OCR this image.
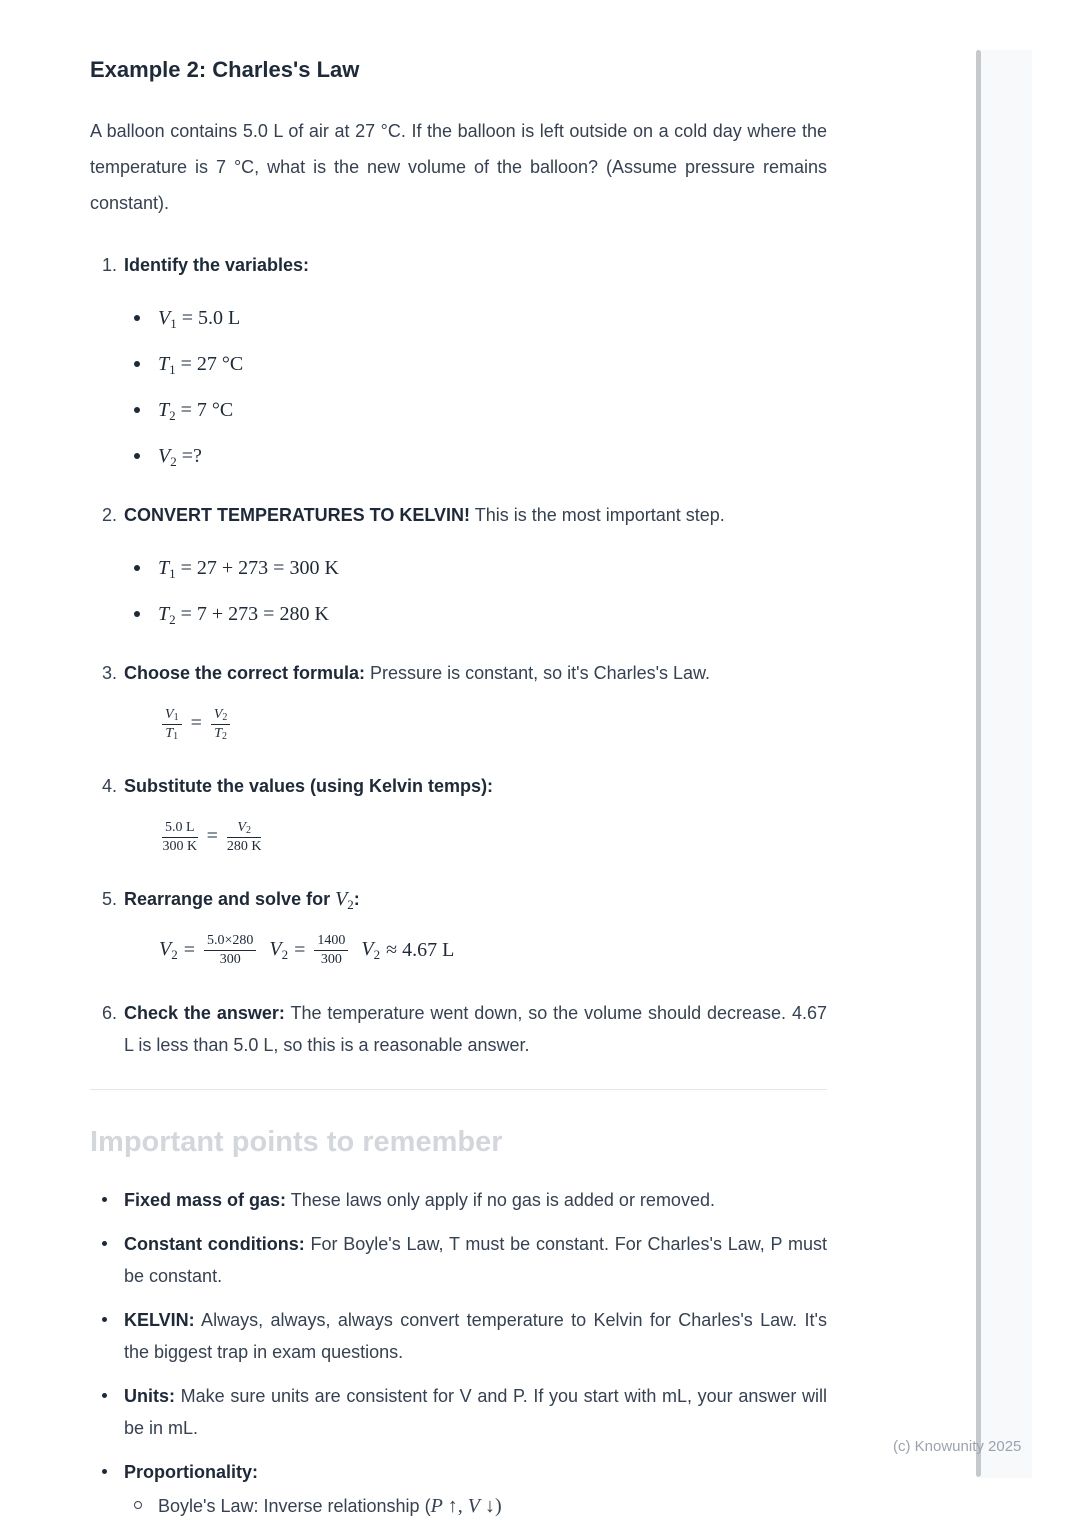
Example 2: Charles's Law

A balloon contains 5.0 L of air at 27 °C. If the balloon is left outside on a cold day where the temperature is 7 °C, what is the new volume of the balloon? (Assume pressure remains constant).

1. Identify the variables:
$V_1 = 5.0$ L
$T_1 = 27$ °C
$T_2 = 7$ °C
$V_2$ =?
2. CONVERT TEMPERATURES TO KELVIN! This is the most important step.
$T_1 = 27 + 273 = 300$ K
$T_2 = 7 + 273 = 280$ K
3. Choose the correct formula: Pressure is constant, so it's Charles's Law.
$\frac{V_1}{T_1} = \frac{V_2}{T_2}$
4. Substitute the values (using Kelvin temps):
$\frac{5.0 L}{300 K} = \frac{V_2}{280 K}$
5. Rearrange and solve for $V_2$:
$V_2 = \frac{5.0\times 280}{300} V_2 = \frac{1400}{300} V_2 \approx 4.67$ L
6. Check the answer: The temperature went down, so the volume should decrease. 4.67 L is less than 5.0 L, so this is a reasonable answer.
Important points to remember
Fixed mass of gas: These laws only apply if no gas is added or removed.
Constant conditions: For Boyle's Law, T must be constant. For Charles's Law, P must be constant.
KELVIN: Always, always, always convert temperature to Kelvin for Charles's Law. It's the biggest trap in exam questions.
Units: Make sure units are consistent for V and P. If you start with mL, your answer will be in mL.
Proportionality:
Boyle's Law: Inverse relationship (P ↑, V ↓)
(c) Knowunity 2025
